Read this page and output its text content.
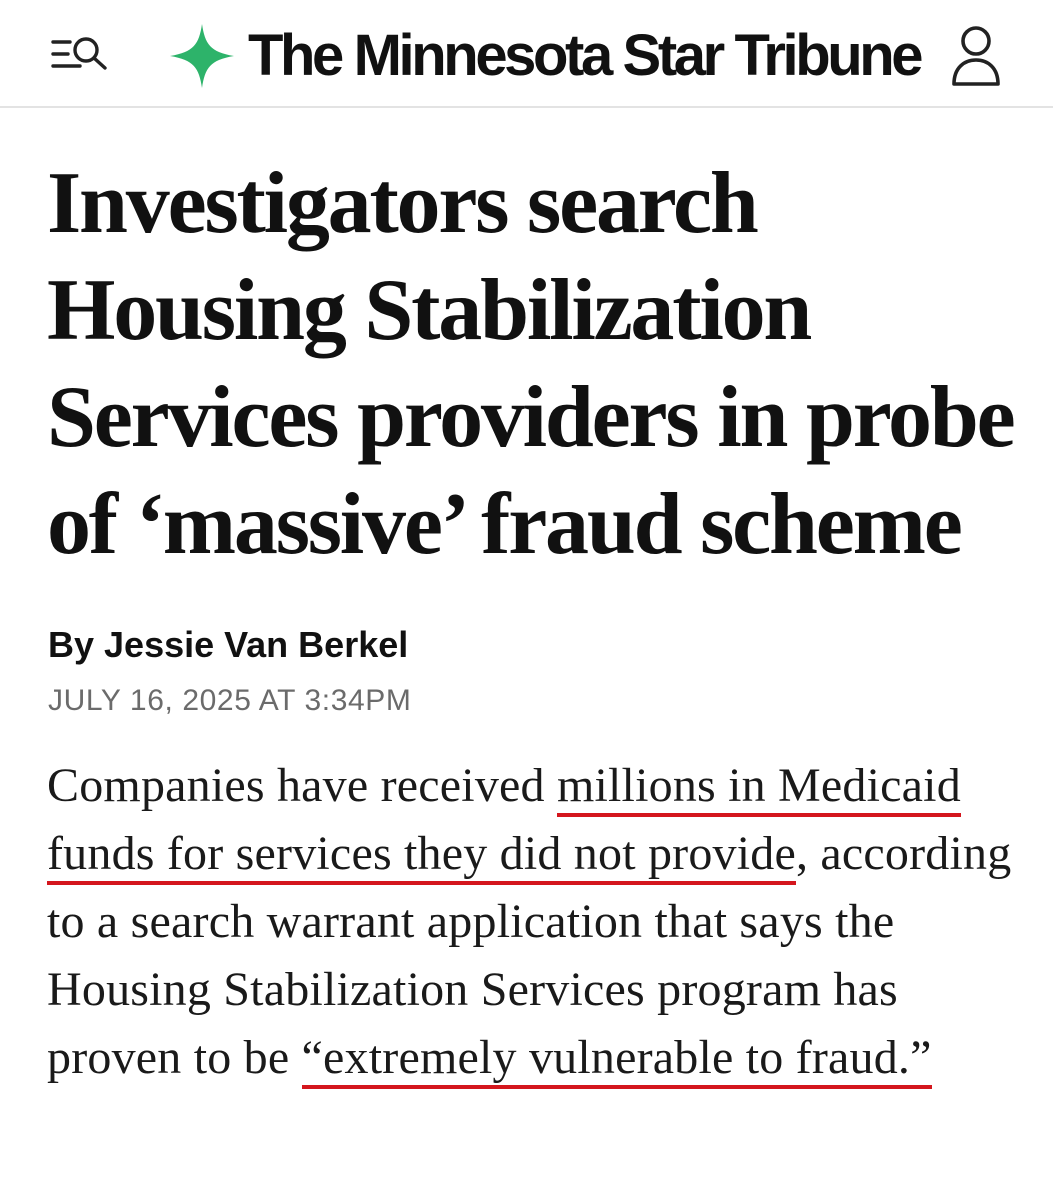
The Minnesota Star Tribune
Investigators search Housing Stabilization Services providers in probe of ‘massive’ fraud scheme
By Jessie Van Berkel
JULY 16, 2025 AT 3:34PM

Companies have received millions in Medicaid funds for services they did not provide, according to a search warrant application that says the Housing Stabilization Services program has proven to be “extremely vulnerable to fraud.”
